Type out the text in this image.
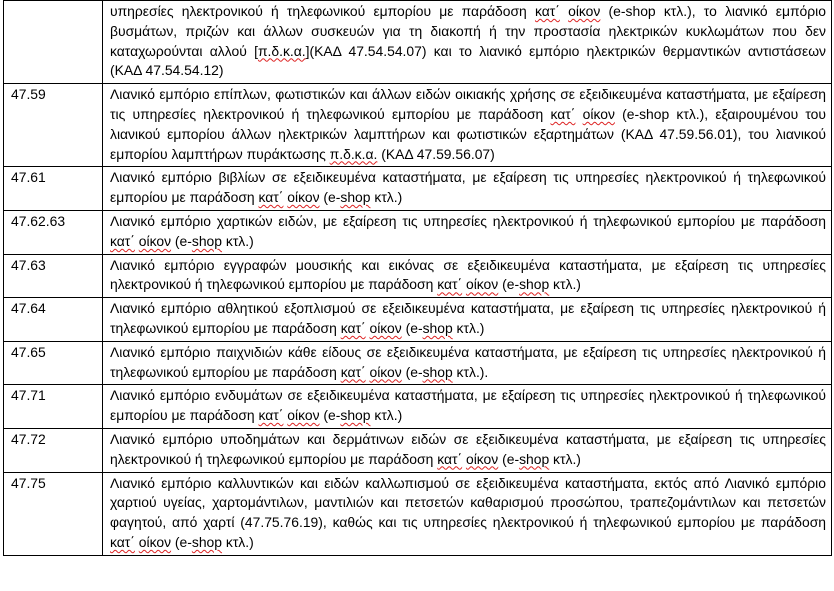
	υπηρεσίες ηλεκτρονικού ή τηλεφωνικού εμπορίου με παράδοση κατ΄ οίκον (e-shop κτλ.), το λιανικό εμπόριο βυσμάτων, πριζών και άλλων συσκευών για τη διακοπή ή την προστασία ηλεκτρικών κυκλωμάτων που δεν καταχωρούνται αλλού [π.δ.κ.α.](ΚΑΔ 47.54.54.07) και το λιανικό εμπόριο ηλεκτρικών θερμαντικών αντιστάσεων (ΚΑΔ 47.54.54.12)
47.59	Λιανικό εμπόριο επίπλων, φωτιστικών και άλλων ειδών οικιακής χρήσης σε εξειδικευμένα καταστήματα, με εξαίρεση τις υπηρεσίες ηλεκτρονικού ή τηλεφωνικού εμπορίου με παράδοση κατ΄ οίκον (e-shop κτλ.), εξαιρουμένου του λιανικού εμπορίου άλλων ηλεκτρικών λαμπτήρων και φωτιστικών εξαρτημάτων (ΚΑΔ 47.59.56.01), του λιανικού εμπορίου λαμπτήρων πυράκτωσης π.δ.κ.α. (ΚΑΔ 47.59.56.07)
47.61	Λιανικό εμπόριο βιβλίων σε εξειδικευμένα καταστήματα, με εξαίρεση τις υπηρεσίες ηλεκτρονικού ή τηλεφωνικού εμπορίου με παράδοση κατ΄ οίκον (e-shop κτλ.)
47.62.63	Λιανικό εμπόριο χαρτικών ειδών, με εξαίρεση τις υπηρεσίες ηλεκτρονικού ή τηλεφωνικού εμπορίου με παράδοση κατ΄ οίκον (e-shop κτλ.)
47.63	Λιανικό εμπόριο εγγραφών μουσικής και εικόνας σε εξειδικευμένα καταστήματα, με εξαίρεση τις υπηρεσίες ηλεκτρονικού ή τηλεφωνικού εμπορίου με παράδοση κατ΄ οίκον (e-shop κτλ.)
47.64	Λιανικό εμπόριο αθλητικού εξοπλισμού σε εξειδικευμένα καταστήματα, με εξαίρεση τις υπηρεσίες ηλεκτρονικού ή τηλεφωνικού εμπορίου με παράδοση κατ΄ οίκον (e-shop κτλ.)
47.65	Λιανικό εμπόριο παιχνιδιών κάθε είδους σε εξειδικευμένα καταστήματα, με εξαίρεση τις υπηρεσίες ηλεκτρονικού ή τηλεφωνικού εμπορίου με παράδοση κατ΄ οίκον (e-shop κτλ.).
47.71	Λιανικό εμπόριο ενδυμάτων σε εξειδικευμένα καταστήματα, με εξαίρεση τις υπηρεσίες ηλεκτρονικού ή τηλεφωνικού εμπορίου με παράδοση κατ΄ οίκον (e-shop κτλ.)
47.72	Λιανικό εμπόριο υποδημάτων και δερμάτινων ειδών σε εξειδικευμένα καταστήματα, με εξαίρεση τις υπηρεσίες ηλεκτρονικού ή τηλεφωνικού εμπορίου με παράδοση κατ΄ οίκον (e-shop κτλ.)
47.75	Λιανικό εμπόριο καλλυντικών και ειδών καλλωπισμού σε εξειδικευμένα καταστήματα, εκτός από Λιανικό εμπόριο χαρτιού υγείας, χαρτομάντιλων, μαντιλιών και πετσετών καθαρισμού προσώπου, τραπεζομάντιλων και πετσετών φαγητού, από χαρτί (47.75.76.19), καθώς και τις υπηρεσίες ηλεκτρονικού ή τηλεφωνικού εμπορίου με παράδοση κατ΄ οίκον (e-shop κτλ.)
